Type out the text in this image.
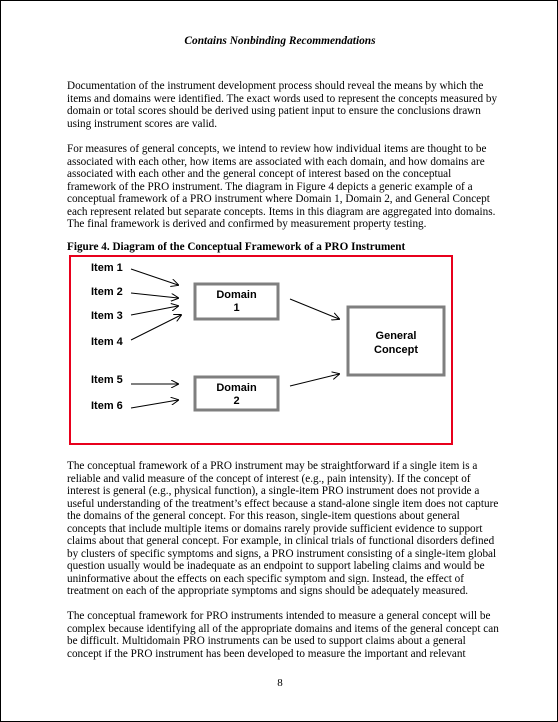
Contains Nonbinding Recommendations

Documentation of the instrument development process should reveal the means by which the items and domains were identified. The exact words used to represent the concepts measured by domain or total scores should be derived using patient input to ensure the conclusions drawn using instrument scores are valid.

For measures of general concepts, we intend to review how individual items are thought to be associated with each other, how items are associated with each domain, and how domains are associated with each other and the general concept of interest based on the conceptual framework of the PRO instrument. The diagram in Figure 4 depicts a generic example of a conceptual framework of a PRO instrument where Domain 1, Domain 2, and General Concept each represent related but separate concepts. Items in this diagram are aggregated into domains. The final framework is derived and confirmed by measurement property testing.

Figure 4. Diagram of the Conceptual Framework of a PRO Instrument

Item 1
Item 2
Item 3
Item 4
Item 5
Item 6
Domain
1
Domain
2
General
Concept

The conceptual framework of a PRO instrument may be straightforward if a single item is a reliable and valid measure of the concept of interest (e.g., pain intensity). If the concept of interest is general (e.g., physical function), a single-item PRO instrument does not provide a useful understanding of the treatment’s effect because a stand-alone single item does not capture the domains of the general concept. For this reason, single-item questions about general concepts that include multiple items or domains rarely provide sufficient evidence to support claims about that general concept. For example, in clinical trials of functional disorders defined by clusters of specific symptoms and signs, a PRO instrument consisting of a single-item global question usually would be inadequate as an endpoint to support labeling claims and would be uninformative about the effects on each specific symptom and sign. Instead, the effect of treatment on each of the appropriate symptoms and signs should be adequately measured.

The conceptual framework for PRO instruments intended to measure a general concept will be complex because identifying all of the appropriate domains and items of the general concept can be difficult. Multidomain PRO instruments can be used to support claims about a general concept if the PRO instrument has been developed to measure the important and relevant

8
